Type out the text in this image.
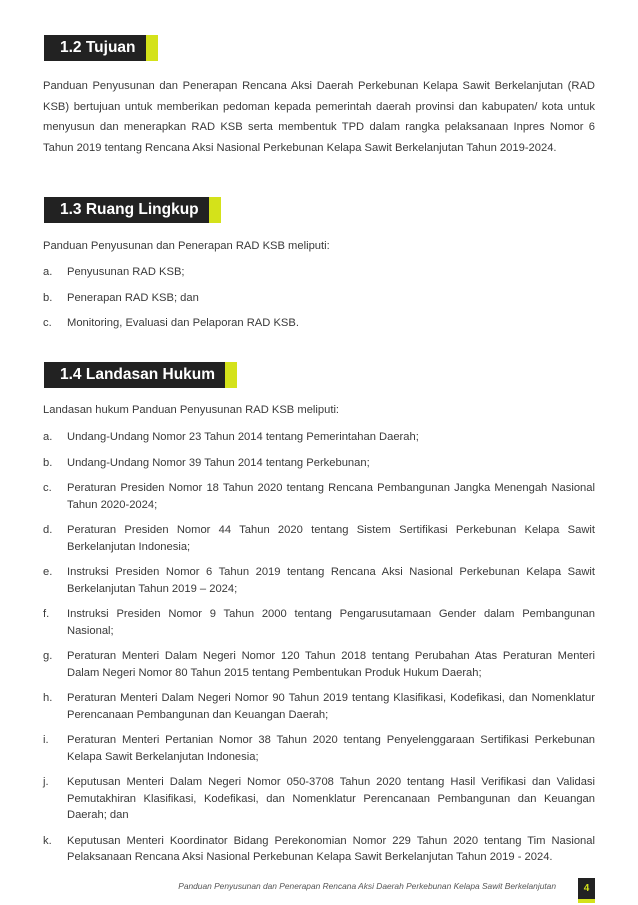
1.2 Tujuan

Panduan Penyusunan dan Penerapan Rencana Aksi Daerah Perkebunan Kelapa Sawit Berkelanjutan (RAD KSB) bertujuan untuk memberikan pedoman kepada pemerintah daerah provinsi dan kabupaten/ kota untuk menyusun dan menerapkan RAD KSB serta membentuk TPD dalam rangka pelaksanaan Inpres Nomor 6 Tahun 2019 tentang Rencana Aksi Nasional Perkebunan Kelapa Sawit Berkelanjutan Tahun 2019-2024.

1.3 Ruang Lingkup

Panduan Penyusunan dan Penerapan RAD KSB meliputi:

a.	Penyusunan RAD KSB;
b.	Penerapan RAD KSB; dan
c.	Monitoring, Evaluasi dan Pelaporan RAD KSB.
1.4 Landasan Hukum

Landasan hukum Panduan Penyusunan RAD KSB meliputi:

a.	Undang-Undang Nomor 23 Tahun 2014 tentang Pemerintahan Daerah;
b.	Undang-Undang Nomor 39 Tahun 2014 tentang Perkebunan;
c.	Peraturan Presiden Nomor 18 Tahun 2020 tentang Rencana Pembangunan Jangka Menengah Nasional Tahun 2020-2024;
d.	Peraturan Presiden Nomor 44 Tahun 2020 tentang Sistem Sertifikasi Perkebunan Kelapa Sawit Berkelanjutan Indonesia;
e.	Instruksi Presiden Nomor 6 Tahun 2019 tentang Rencana Aksi Nasional Perkebunan Kelapa Sawit Berkelanjutan Tahun 2019 – 2024;
f.	Instruksi Presiden Nomor 9 Tahun 2000 tentang Pengarusutamaan Gender dalam Pembangunan Nasional;
g.	Peraturan Menteri Dalam Negeri Nomor 120 Tahun 2018 tentang Perubahan Atas Peraturan Menteri Dalam Negeri Nomor 80 Tahun 2015 tentang Pembentukan Produk Hukum Daerah;
h.	Peraturan Menteri Dalam Negeri Nomor 90 Tahun 2019 tentang Klasifikasi, Kodefikasi, dan Nomenklatur Perencanaan Pembangunan dan Keuangan Daerah;
i.	Peraturan Menteri Pertanian Nomor 38 Tahun 2020 tentang Penyelenggaraan Sertifikasi Perkebunan Kelapa Sawit Berkelanjutan Indonesia;
j.	Keputusan Menteri Dalam Negeri Nomor 050-3708 Tahun 2020 tentang Hasil Verifikasi dan Validasi Pemutakhiran Klasifikasi, Kodefikasi, dan Nomenklatur Perencanaan Pembangunan dan Keuangan Daerah; dan
k.	Keputusan Menteri Koordinator Bidang Perekonomian Nomor 229 Tahun 2020 tentang Tim Nasional Pelaksanaan Rencana Aksi Nasional Perkebunan Kelapa Sawit Berkelanjutan Tahun 2019 - 2024.
Panduan Penyusunan dan Penerapan Rencana Aksi Daerah Perkebunan Kelapa Sawit Berkelanjutan	4
